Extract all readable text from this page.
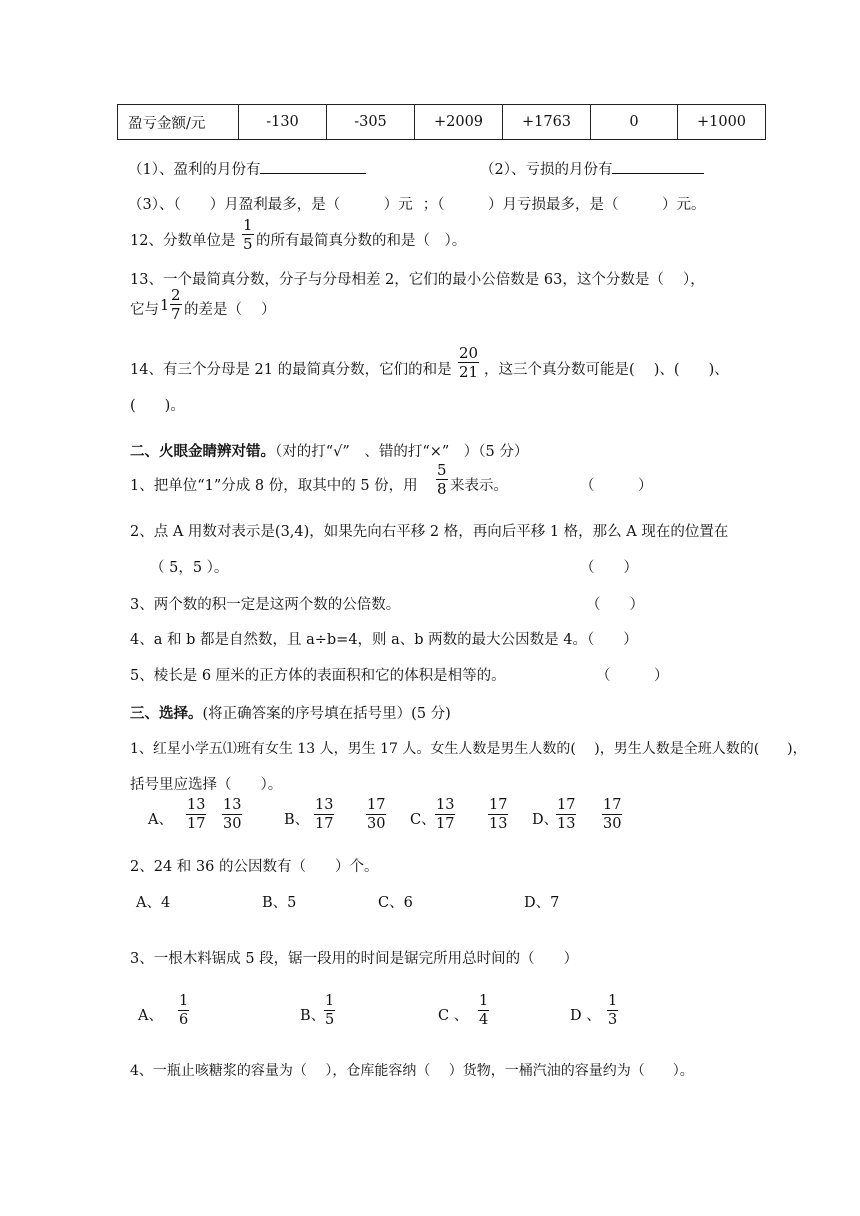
盈亏金额/元	-130	-305	+2009	+1763	0	+1000
（1）、盈利的月份有	（2）、亏损的月份有
（3）、（　　）月盈利最多，是（　　　）元 ；（　　　）月亏损最多，是（　　　）元。
12、分数单位是 $\frac{1}{5}$ 的所有最简真分数的和是（　）。
13、一个最简真分数，分子与分母相差 2，它们的最小公倍数是 63，这个分数是（　 ），
它与 $1 \frac{2}{7}$ 的差是（　 ）
14、有三个分母是 21 的最简真分数，它们的和是 $\frac{20}{21}$ ，这三个真分数可能是(　 )、(　　)、
(　　)。
二、火眼金睛辨对错。（对的打“√”　、错的打“×”　）（5 分）
1、把单位“1”分成 8 份，取其中的 5 份，用 $\frac{5}{8}$ 来表示。	（　　　）
2、点 A 用数对表示是(3,4)，如果先向右平移 2 格，再向后平移 1 格，那么 A 现在的位置在
（ 5，5 ）。	（　　）
3、两个数的积一定是这两个数的公倍数。	（　　）
4、a 和 b 都是自然数，且 a÷b=4，则 a、b 两数的最大公因数是 4。（　　）
5、棱长是 6 厘米的正方体的表面积和它的体积是相等的。	（　　　）
三、选择。(将正确答案的序号填在括号里）(5 分)
1、红星小学五⑴班有女生 13 人，男生 17 人。女生人数是男生人数的(　 )，男生人数是全班人数的(　　)，
括号里应选择（　　）。
A、 $\frac{13}{17} \frac{13}{30}$	B、 $\frac{13}{17} \frac{17}{30}$ C、 $\frac{13}{17} \frac{17}{13}$ D、
$\frac{17}{13} \frac{17}{30}$
2、24 和 36 的公因数有（　　）个。
A、4	B、5	C、6	D、7
3、一根木料锯成 5 段，锯一段用的时间是锯完所用总时间的（　　）
A、 $\frac{1}{6}$	B、
$\frac{1}{5}$	C 、 $\frac{1}{4}$	D 、 $\frac{1}{3}$
4、一瓶止咳糖浆的容量为（　 ），仓库能容纳（　 ）货物，一桶汽油的容量约为（　　）。
